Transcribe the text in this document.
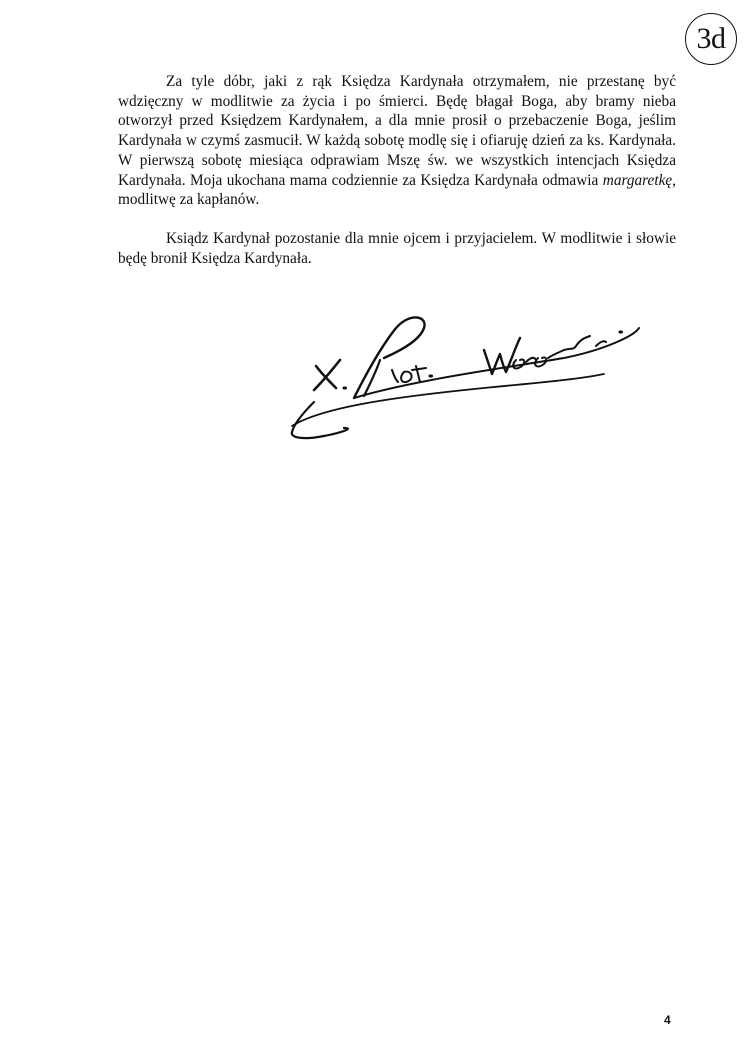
3d

Za tyle dóbr, jaki z rąk Księdza Kardynała otrzymałem, nie przestanę być wdzięczny w modlitwie za życia i po śmierci. Będę błagał Boga, aby bramy nieba otworzył przed Księdzem Kardynałem, a dla mnie prosił o przebaczenie Boga, jeślim Kardynała w czymś zasmucił. W każdą sobotę modlę się i ofiaruję dzień za ks. Kardynała. W pierwszą sobotę miesiąca odprawiam Mszę św. we wszystkich intencjach Księdza Kardynała. Moja ukochana mama codziennie za Księdza Kardynała odmawia margaretkę, modlitwę za kapłanów.

Ksiądz Kardynał pozostanie dla mnie ojcem i przyjacielem. W modlitwie i słowie będę bronił Księdza Kardynała.

4
